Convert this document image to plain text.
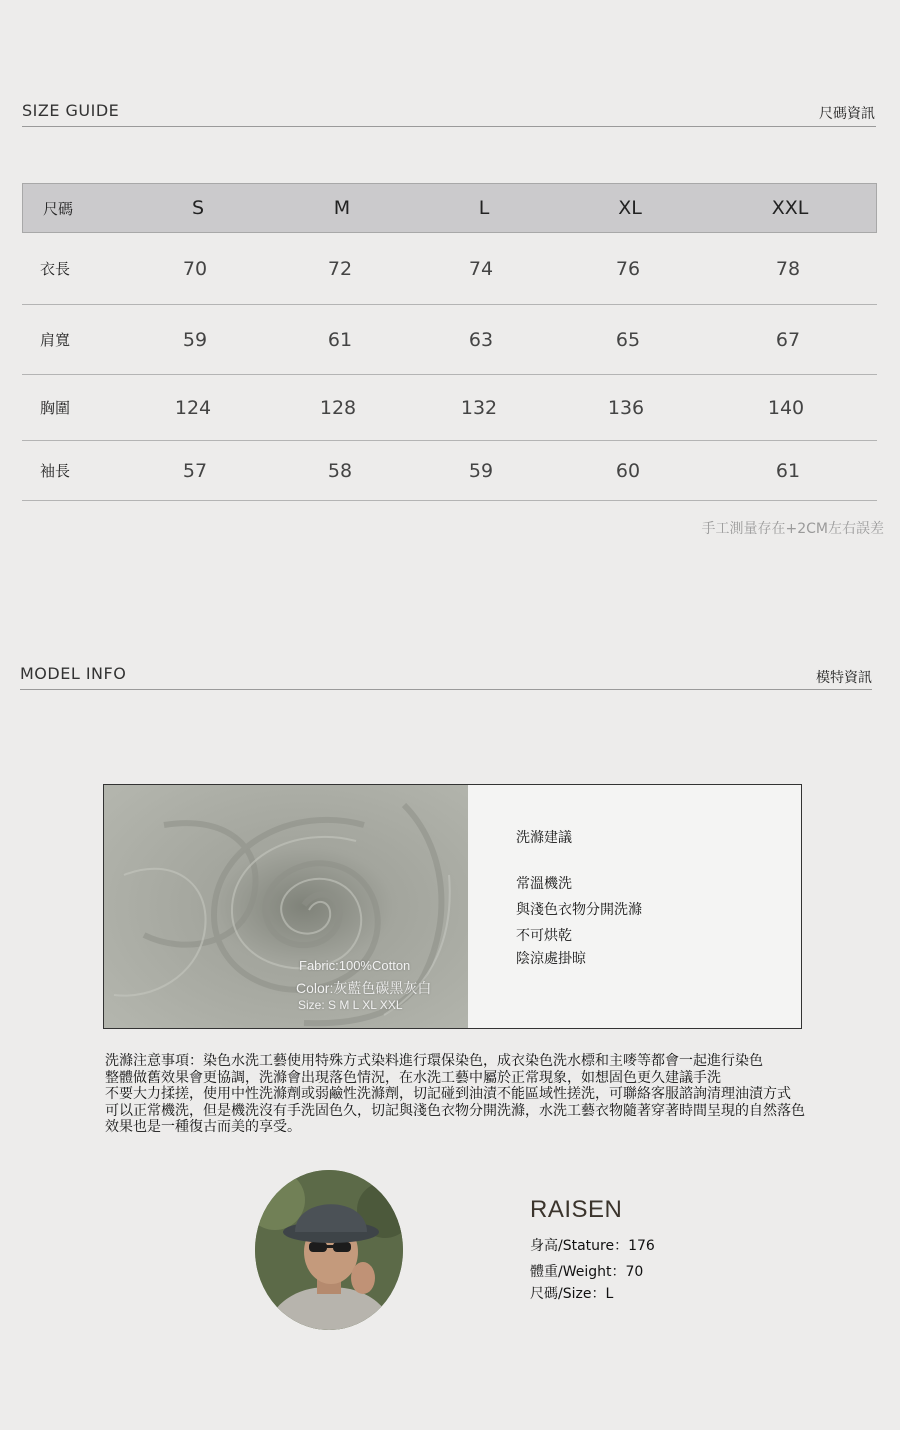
SIZE GUIDE	尺碼資訊
尺碼	S	M	L	XL	XXL
衣長	70	72	74	76	78
肩寬	59	61	63	65	67
胸圍	124	128	132	136	140
袖長	57	58	59	60	61
手工測量存在+2CM左右誤差
MODEL INFO	模特資訊
Fabric:100%Cotton
Color:灰藍色碳黑灰白
Size: S M L XL XXL
洗滌建議
常溫機洗
與淺色衣物分開洗滌
不可烘乾
陰涼處掛晾
洗滌注意事項：染色水洗工藝使用特殊方式染料進行環保染色，成衣染色洗水標和主嘜等都會一起進行染色
整體做舊效果會更協調，洗滌會出現落色情況，在水洗工藝中屬於正常現象，如想固色更久建議手洗
不要大力揉搓，使用中性洗滌劑或弱鹼性洗滌劑，切記碰到油漬不能區域性搓洗，可聯絡客服諮詢清理油漬方式
可以正常機洗，但是機洗沒有手洗固色久，切記與淺色衣物分開洗滌，水洗工藝衣物隨著穿著時間呈現的自然落色
效果也是一種復古而美的享受。
RAISEN
身高/Stature：176
體重/Weight：70
尺碼/Size：L
